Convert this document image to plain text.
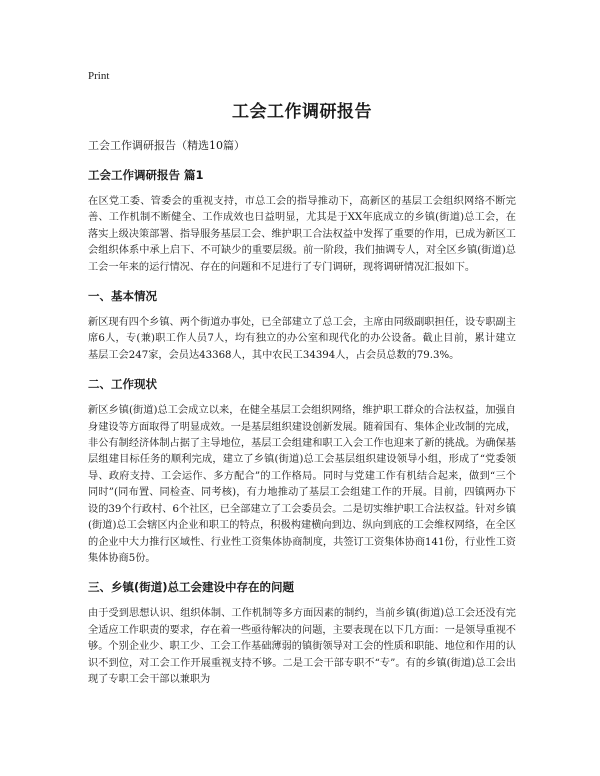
Print
工会工作调研报告

工会工作调研报告（精选10篇）

工会工作调研报告 篇1

在区党工委、管委会的重视支持，市总工会的指导推动下，高新区的基层工会组织网络不断完善、工作机制不断健全、工作成效也日益明显，尤其是于XX年底成立的乡镇(街道)总工会，在落实上级决策部署、指导服务基层工会、维护职工合法权益中发挥了重要的作用，已成为新区工会组织体系中承上启下、不可缺少的重要层级。前一阶段，我们抽调专人，对全区乡镇(街道)总工会一年来的运行情况、存在的问题和不足进行了专门调研，现将调研情况汇报如下。

一、基本情况

新区现有四个乡镇、两个街道办事处，已全部建立了总工会，主席由同级副职担任，设专职副主席6人，专(兼)职工作人员7人，均有独立的办公室和现代化的办公设备。截止目前，累计建立基层工会247家，会员达43368人，其中农民工34394人，占会员总数的79.3%。

二、工作现状

新区乡镇(街道)总工会成立以来，在健全基层工会组织网络，维护职工群众的合法权益，加强自身建设等方面取得了明显成效。一是基层组织建设创新发展。随着国有、集体企业改制的完成，非公有制经济体制占据了主导地位，基层工会组建和职工入会工作也迎来了新的挑战。为确保基层组建目标任务的顺利完成，建立了乡镇(街道)总工会基层组织建设领导小组，形成了“党委领导、政府支持、工会运作、多方配合”的工作格局。同时与党建工作有机结合起来，做到“三个同时”(同布置、同检查、同考核)，有力地推动了基层工会组建工作的开展。目前，四镇两办下设的39个行政村、6个社区，已全部建立了工会委员会。二是切实维护职工合法权益。针对乡镇(街道)总工会辖区内企业和职工的特点，积极构建横向到边、纵向到底的工会维权网络，在全区的企业中大力推行区域性、行业性工资集体协商制度，共签订工资集体协商141份，行业性工资集体协商5份。

三、乡镇(街道)总工会建设中存在的问题

由于受到思想认识、组织体制、工作机制等多方面因素的制约，当前乡镇(街道)总工会还没有完全适应工作职责的要求，存在着一些亟待解决的问题，主要表现在以下几方面：一是领导重视不够。个别企业少、职工少、工会工作基础薄弱的镇街领导对工会的性质和职能、地位和作用的认识不到位，对工会工作开展重视支持不够。二是工会干部专职不“专”。有的乡镇(街道)总工会出现了专职工会干部以兼职为
